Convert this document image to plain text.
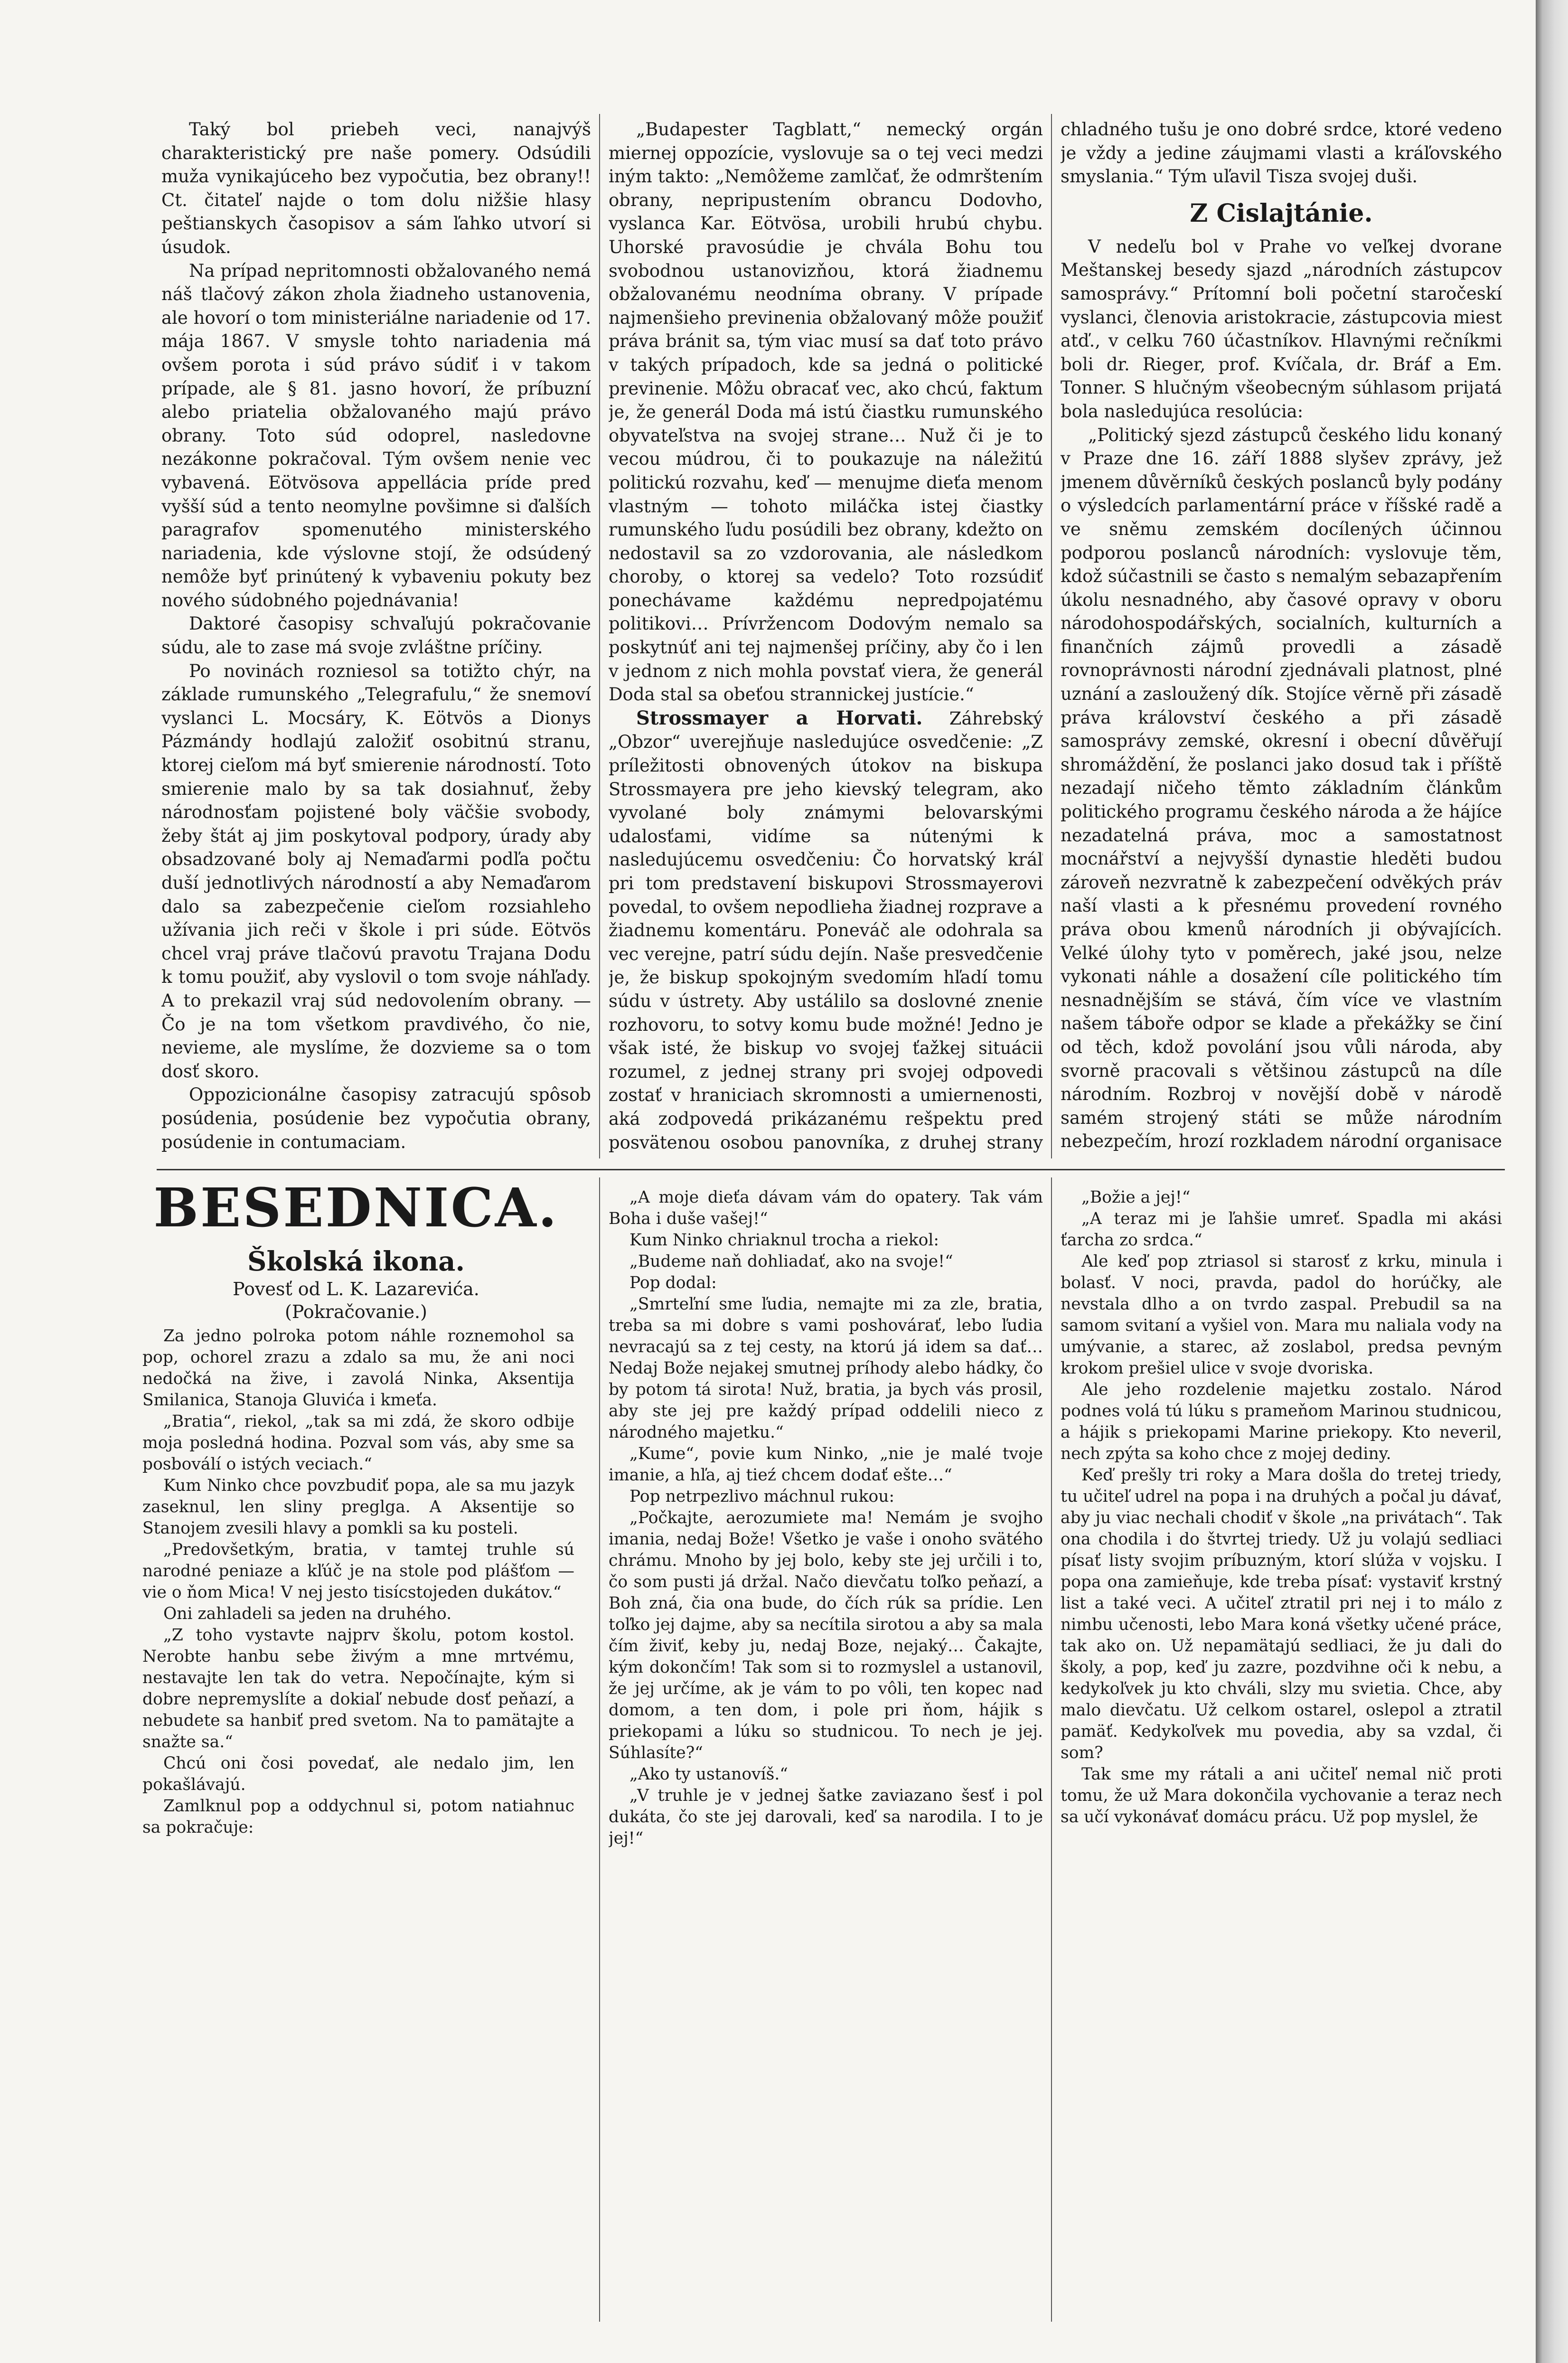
Taký bol priebeh veci, nanajvýš charakteristický pre naše pomery. Odsúdili muža vynikajúceho bez vypočutia, bez obrany!! Ct. čitateľ najde o tom dolu nižšie hlasy peštianskych časopisov a sám ľahko utvorí si úsudok.

Na prípad nepritomnosti obžalovaného nemá náš tlačový zákon zhola žiadneho ustanovenia, ale hovorí o tom ministeriálne nariadenie od 17. mája 1867. V smysle tohto nariadenia má ovšem porota i súd právo súdiť i v takom prípade, ale § 81. jasno hovorí, že príbuzní alebo priatelia obžalovaného majú právo obrany. Toto súd odoprel, nasledovne nezákonne pokračoval. Tým ovšem nenie vec vybavená. Eötvösova appellácia príde pred vyšší súd a tento neomylne povšimne si ďalších paragrafov spomenutého ministerského nariadenia, kde výslovne stojí, že odsúdený nemôže byť prinútený k vybaveniu pokuty bez nového súdobného pojednávania!

Daktoré časopisy schvaľujú pokračovanie súdu, ale to zase má svoje zvláštne príčiny.

Po novinách rozniesol sa totižto chýr, na základe rumunského „Telegrafulu,“ že snemoví vyslanci L. Mocsáry, K. Eötvös a Dionys Pázmándy hodlajú založiť osobitnú stranu, ktorej cieľom má byť smierenie národností. Toto smierenie malo by sa tak dosiahnuť, žeby národnosťam pojistené boly väčšie svobody, žeby štát aj jim poskytoval podpory, úrady aby obsadzované boly aj Nemaďarmi podľa počtu duší jednotlivých národností a aby Nemaďarom dalo sa zabezpečenie cieľom rozsiahleho užívania jich reči v škole i pri súde. Eötvös chcel vraj práve tlačovú pravotu Trajana Dodu k tomu použiť, aby vyslovil o tom svoje náhľady. A to prekazil vraj súd nedovolením obrany. — Čo je na tom všetkom pravdivého, čo nie, nevieme, ale myslíme, že dozvieme sa o tom dosť skoro.

Oppozicionálne časopisy zatracujú spôsob posúdenia, posúdenie bez vypočutia obrany, posúdenie in contumaciam.

„Budapester Tagblatt,“ nemecký orgán miernej oppozície, vyslovuje sa o tej veci medzi iným takto: „Nemôžeme zamlčať, že odmrštením obrany, nepripustením obrancu Dodovho, vyslanca Kar. Eötvösa, urobili hrubú chybu. Uhorské pravosúdie je chvála Bohu tou svobodnou ustanovizňou, ktorá žiadnemu obžalovanému neodníma obrany. V prípade najmenšieho previnenia obžalovaný môže použiť práva bránit sa, tým viac musí sa dať toto právo v takých prípadoch, kde sa jedná o politické previnenie. Môžu obracať vec, ako chcú, faktum je, že generál Doda má istú čiastku rumunského obyvateľstva na svojej strane… Nuž či je to vecou múdrou, či to poukazuje na náležitú politickú rozvahu, keď — menujme dieťa menom vlastným — tohoto miláčka istej čiastky rumunského ľudu posúdili bez obrany, kdežto on nedostavil sa zo vzdorovania, ale následkom choroby, o ktorej sa vedelo? Toto rozsúdiť ponechávame každému nepredpojatému politikovi… Prívržencom Dodovým nemalo sa poskytnúť ani tej najmenšej príčiny, aby čo i len v jednom z nich mohla povstať viera, že generál Doda stal sa obeťou strannickej justície.“

Strossmayer a Horvati. Záhrebský „Obzor“ uverejňuje nasledujúce osvedčenie: „Z príležitosti obnovených útokov na biskupa Strossmayera pre jeho kievský telegram, ako vyvolané boly známymi belovarskými udalosťami, vidíme sa nútenými k nasledujúcemu osvedčeniu: Čo horvatský kráľ pri tom predstavení biskupovi Strossmayerovi povedal, to ovšem nepodlieha žiadnej rozprave a žiadnemu komentáru. Poneváč ale odohrala sa vec verejne, patrí súdu dejín. Naše presvedčenie je, že biskup spokojným svedomím hľadí tomu súdu v ústrety. Aby ustálilo sa doslovné znenie rozhovoru, to sotvy komu bude možné! Jedno je však isté, že biskup vo svojej ťažkej situácii rozumel, z jednej strany pri svojej odpovedi zostať v hraniciach skromnosti a umiernenosti, aká zodpovedá prikázanému rešpektu pred posvätenou osobou panovníka, z druhej strany

chladného tušu je ono dobré srdce, ktoré vedeno je vždy a jedine záujmami vlasti a kráľovského smyslania.“ Tým uľavil Tisza svojej duši.

Z Cislajtánie.

V nedeľu bol v Prahe vo veľkej dvorane Meštanskej besedy sjazd „národních zástupcov samosprávy.“ Prítomní boli početní staročeskí vyslanci, členovia aristokracie, zástupcovia miest atď., v celku 760 účastníkov. Hlavnými rečníkmi boli dr. Rieger, prof. Kvíčala, dr. Bráf a Em. Tonner. S hlučným všeobecným súhlasom prijatá bola nasledujúca resolúcia:

„Politický sjezd zástupců českého lidu konaný v Praze dne 16. září 1888 slyšev zprávy, jež jmenem důvěrníků českých poslanců byly podány o výsledcích parlamentární práce v říšské radě a ve sněmu zemském docílených účinnou podporou poslanců národních: vyslovuje těm, kdož súčastnili se často s nemalým sebazapřením úkolu nesnadného, aby časové opravy v oboru národohospodářských, socialních, kulturních a finančních zájmů provedli a zásadě rovnoprávnosti národní zjednávali platnost, plné uznání a zasloužený dík. Stojíce věrně při zásadě práva království českého a při zásadě samosprávy zemské, okresní i obecní důvěřují shromáždění, že poslanci jako dosud tak i příště nezadají ničeho těmto základním článkům politického programu českého národa a že hájíce nezadatelná práva, moc a samostatnost mocnářství a nejvyšší dynastie hleděti budou zároveň nezvratně k zabezpečení odvěkých práv naší vlasti a k přesnému provedení rovného práva obou kmenů národních ji obývajících. Velké úlohy tyto v poměrech, jaké jsou, nelze vykonati náhle a dosažení cíle politického tím nesnadnějším se stává, čím více ve vlastním našem táboře odpor se klade a překážky se činí od těch, kdož povolání jsou vůli národa, aby svorně pracovali s většinou zástupců na díle národním. Rozbroj v novější době v národě samém strojený státi se může národním nebezpečím, hrozí rozkladem národní organisace

BESEDNICA.
Školská ikona.
Povesť od L. K. Lazarevića.
(Pokračovanie.)

Za jedno polroka potom náhle roznemohol sa pop, ochorel zrazu a zdalo sa mu, že ani noci nedočká na žive, i zavolá Ninka, Aksentija Smilanica, Stanoja Gluvića i kmeťa.

„Bratia“, riekol, „tak sa mi zdá, že skoro odbije moja posledná hodina. Pozval som vás, aby sme sa posboválí o istých veciach.“

Kum Ninko chce povzbudiť popa, ale sa mu jazyk zaseknul, len sliny preglga. A Aksentije so Stanojem zvesili hlavy a pomkli sa ku posteli.

„Predovšetkým, bratia, v tamtej truhle sú narodné peniaze a kľúč je na stole pod plášťom — vie o ňom Mica! V nej jesto tisícstojeden dukátov.“

Oni zahladeli sa jeden na druhého.

„Z toho vystavte najprv školu, potom kostol. Nerobte hanbu sebe živým a mne mrtvému, nestavajte len tak do vetra. Nepočínajte, kým si dobre nepremyslíte a dokiaľ nebude dosť peňazí, a nebudete sa hanbiť pred svetom. Na to pamätajte a snažte sa.“

Chcú oni čosi povedať, ale nedalo jim, len pokašlávajú.

Zamlknul pop a oddychnul si, potom natiahnuc sa pokračuje:

„A moje dieťa dávam vám do opatery. Tak vám Boha i duše vašej!“

Kum Ninko chriaknul trocha a riekol:

„Budeme naň dohliadať, ako na svoje!“

Pop dodal:

„Smrteľní sme ľudia, nemajte mi za zle, bratia, treba sa mi dobre s vami poshovárať, lebo ľudia nevracajú sa z tej cesty, na ktorú já idem sa dať… Nedaj Bože nejakej smutnej príhody alebo hádky, čo by potom tá sirota! Nuž, bratia, ja bych vás prosil, aby ste jej pre každý prípad oddelili nieco z národného majetku.“

„Kume“, povie kum Ninko, „nie je malé tvoje imanie, a hľa, aj tieź chcem dodať ešte…“

Pop netrpezlivo máchnul rukou:

„Počkajte, aerozumiete ma! Nemám je svojho imania, nedaj Bože! Všetko je vaše i onoho svätého chrámu. Mnoho by jej bolo, keby ste jej určili i to, čo som pusti já držal. Načo dievčatu toľko peňazí, a Boh zná, čia ona bude, do čích rúk sa prídie. Len toľko jej dajme, aby sa necítila sirotou a aby sa mala čím živiť, keby ju, nedaj Boze, nejaký… Čakajte, kým dokončím! Tak som si to rozmyslel a ustanovil, že jej určíme, ak je vám to po vôli, ten kopec nad domom, a ten dom, i pole pri ňom, hájik s priekopami a lúku so studnicou. To nech je jej. Súhlasíte?“

„Ako ty ustanovíš.“

„V truhle je v jednej šatke zaviazano šesť i pol dukáta, čo ste jej darovali, keď sa narodila. I to je jej!“

„Božie a jej!“

„A teraz mi je ľahšie umreť. Spadla mi akási ťarcha zo srdca.“

Ale keď pop ztriasol si starosť z krku, minula i bolasť. V noci, pravda, padol do horúčky, ale nevstala dlho a on tvrdo zaspal. Prebudil sa na samom svitaní a vyšiel von. Mara mu naliala vody na umývanie, a starec, až zoslabol, predsa pevným krokom prešiel ulice v svoje dvoriska.

Ale jeho rozdelenie majetku zostalo. Národ podnes volá tú lúku s prameňom Marinou studnicou, a hájik s priekopami Marine priekopy. Kto neveril, nech zpýta sa koho chce z mojej dediny.

Keď prešly tri roky a Mara došla do tretej triedy, tu učiteľ udrel na popa i na druhých a počal ju dávať, aby ju viac nechali chodiť v škole „na privátach“. Tak ona chodila i do štvrtej triedy. Už ju volajú sedliaci písať listy svojim príbuzným, ktorí slúža v vojsku. I popa ona zamieňuje, kde treba písať: vystaviť krstný list a také veci. A učiteľ ztratil pri nej i to málo z nimbu učenosti, lebo Mara koná všetky učené práce, tak ako on. Už nepamätajú sedliaci, že ju dali do školy, a pop, keď ju zazre, pozdvihne oči k nebu, a kedykoľvek ju kto chváli, slzy mu svietia. Chce, aby malo dievčatu. Už celkom ostarel, oslepol a ztratil pamäť. Kedykoľvek mu povedia, aby sa vzdal, či som?

Tak sme my rátali a ani učiteľ nemal nič proti tomu, že už Mara dokončila vychovanie a teraz nech sa učí vykonávať domácu prácu. Už pop myslel, že
